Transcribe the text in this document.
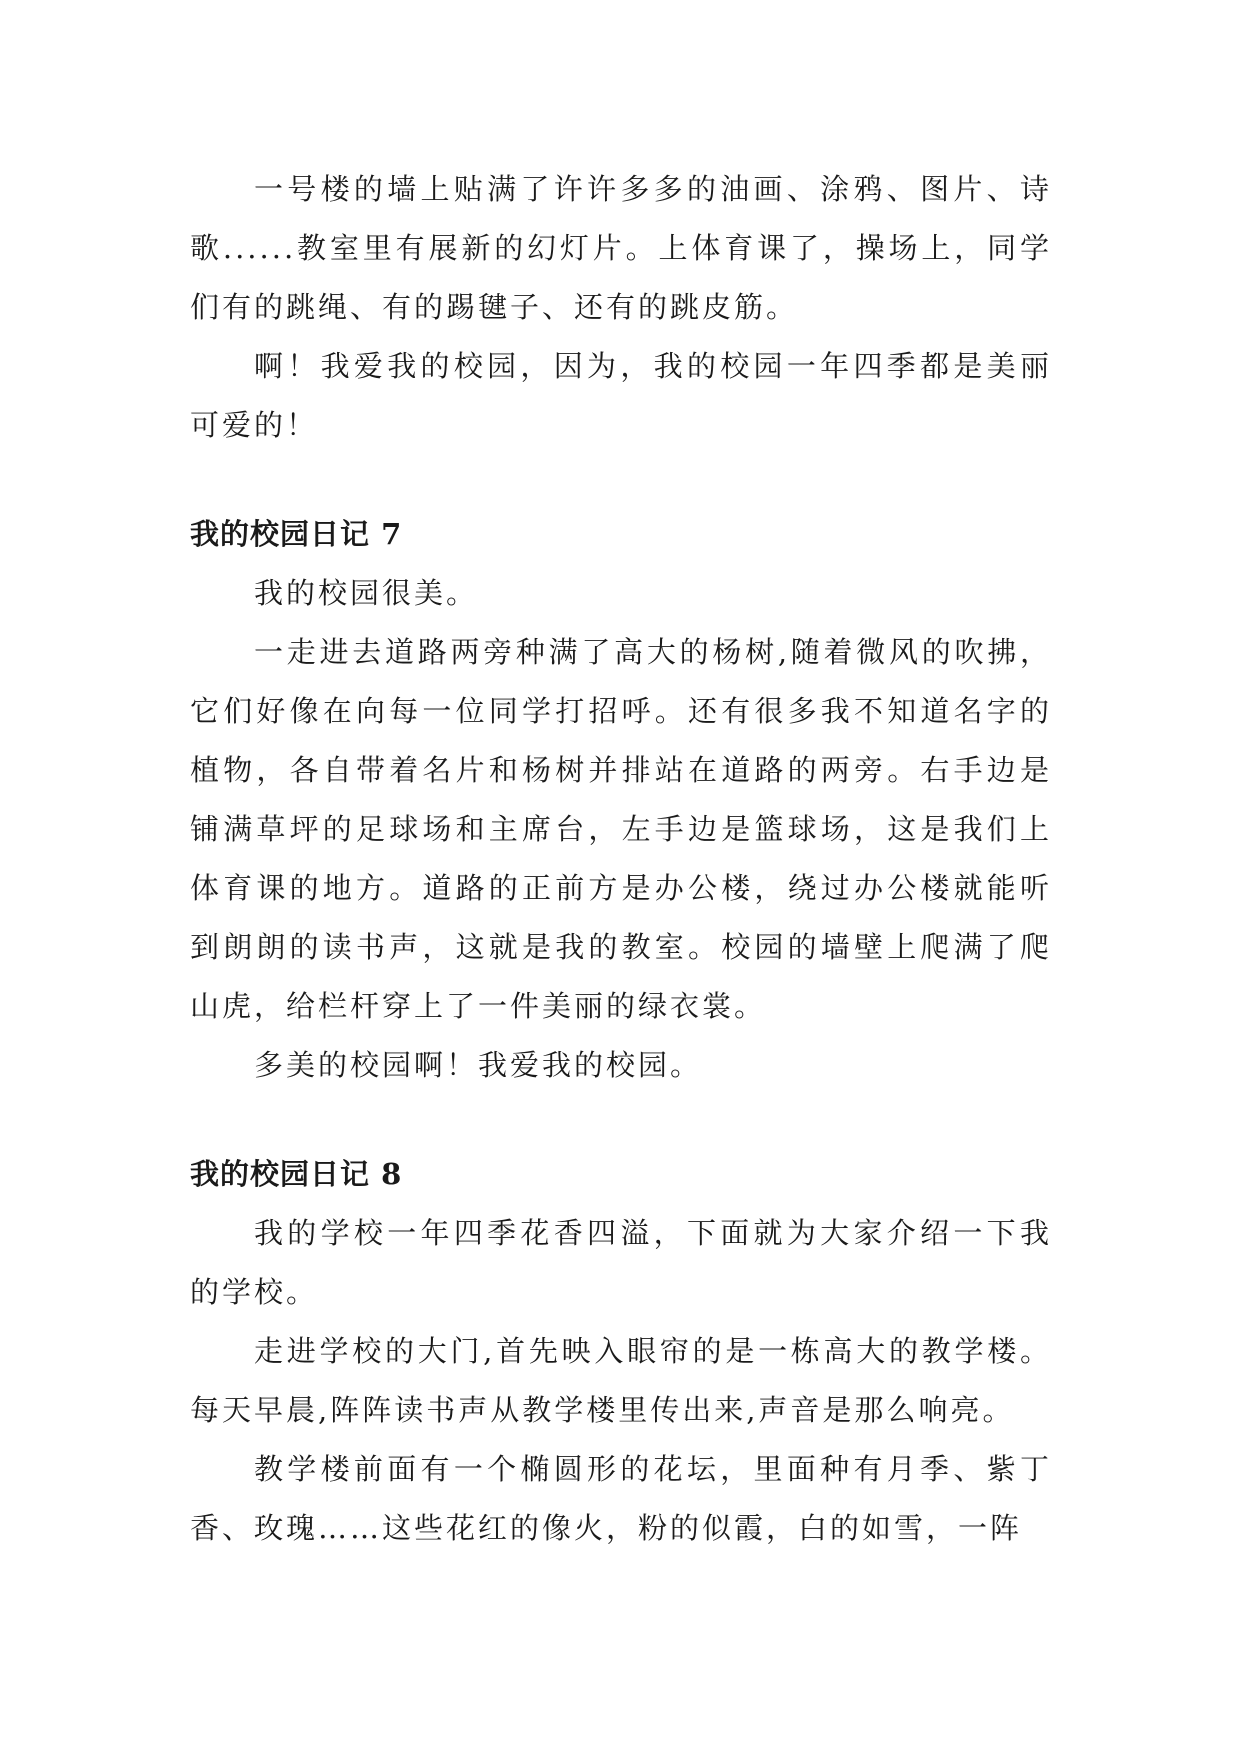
一号楼的墙上贴满了许许多多的油画、涂鸦、图片、诗歌......教室里有展新的幻灯片。上体育课了，操场上，同学们有的跳绳、有的踢毽子、还有的跳皮筋。

啊！我爱我的校园，因为，我的校园一年四季都是美丽可爱的！

我的校园日记 7

我的校园很美。

一走进去道路两旁种满了高大的杨树,随着微风的吹拂，它们好像在向每一位同学打招呼。还有很多我不知道名字的植物，各自带着名片和杨树并排站在道路的两旁。右手边是铺满草坪的足球场和主席台，左手边是篮球场，这是我们上体育课的地方。道路的正前方是办公楼，绕过办公楼就能听到朗朗的读书声，这就是我的教室。校园的墙壁上爬满了爬山虎，给栏杆穿上了一件美丽的绿衣裳。

多美的校园啊！我爱我的校园。

我的校园日记 8

我的学校一年四季花香四溢，下面就为大家介绍一下我的学校。

走进学校的大门,首先映入眼帘的是一栋高大的教学楼。每天早晨,阵阵读书声从教学楼里传出来,声音是那么响亮。

教学楼前面有一个椭圆形的花坛，里面种有月季、紫丁香、玫瑰……这些花红的像火，粉的似霞，白的如雪，一阵
